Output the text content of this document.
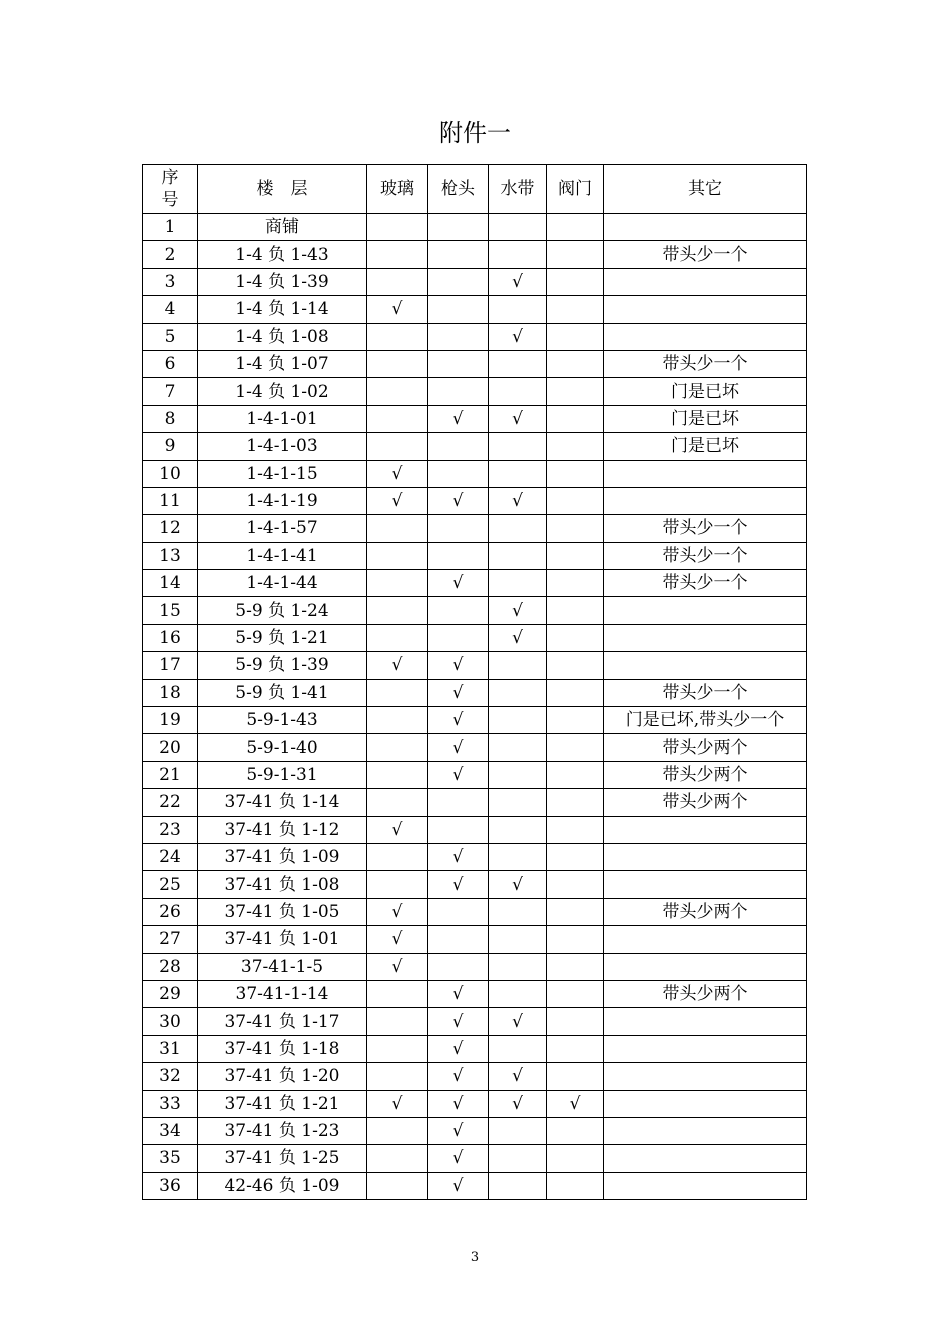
附件一
序号	楼　层	玻璃	枪头	水带	阀门	其它
1	商铺					
2	1-4 负 1-43					带头少一个
3	1-4 负 1-39			√		
4	1-4 负 1-14	√				
5	1-4 负 1-08			√		
6	1-4 负 1-07					带头少一个
7	1-4 负 1-02					门是已坏
8	1-4-1-01		√	√		门是已坏
9	1-4-1-03					门是已坏
10	1-4-1-15	√				
11	1-4-1-19	√	√	√		
12	1-4-1-57					带头少一个
13	1-4-1-41					带头少一个
14	1-4-1-44		√			带头少一个
15	5-9 负 1-24			√		
16	5-9 负 1-21			√		
17	5-9 负 1-39	√	√			
18	5-9 负 1-41		√			带头少一个
19	5-9-1-43		√			门是已坏,带头少一个
20	5-9-1-40		√			带头少两个
21	5-9-1-31		√			带头少两个
22	37-41 负 1-14					带头少两个
23	37-41 负 1-12	√				
24	37-41 负 1-09		√			
25	37-41 负 1-08		√	√		
26	37-41 负 1-05	√				带头少两个
27	37-41 负 1-01	√				
28	37-41-1-5	√				
29	37-41-1-14		√			带头少两个
30	37-41 负 1-17		√	√		
31	37-41 负 1-18		√			
32	37-41 负 1-20		√	√		
33	37-41 负 1-21	√	√	√	√	
34	37-41 负 1-23		√			
35	37-41 负 1-25		√			
36	42-46 负 1-09		√			
3
